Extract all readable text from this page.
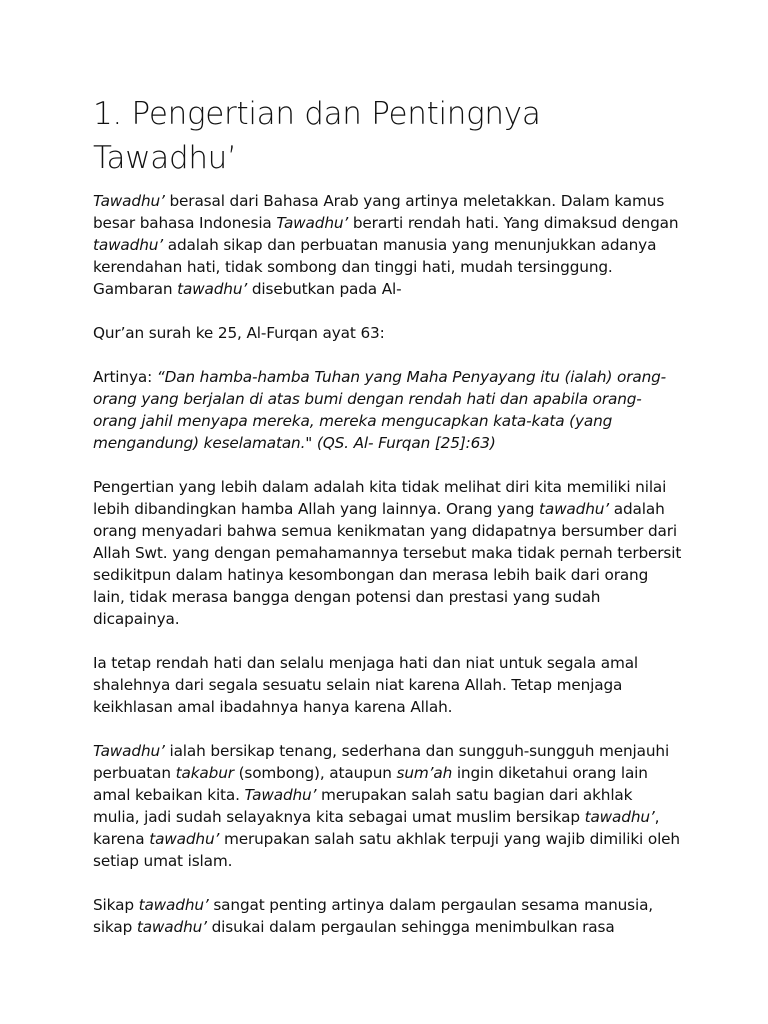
1. Pengertian dan Pentingnya Tawadhu’

Tawadhu’ berasal dari Bahasa Arab yang artinya meletakkan. Dalam kamus besar bahasa Indonesia Tawadhu’ berarti rendah hati. Yang dimaksud dengan tawadhu’ adalah sikap dan perbuatan manusia yang menunjukkan adanya kerendahan hati, tidak sombong dan tinggi hati, mudah tersinggung. Gambaran tawadhu’ disebutkan pada Al-

Qur’an surah ke 25, Al-Furqan ayat 63:

Artinya: “Dan hamba-hamba Tuhan yang Maha Penyayang itu (ialah) orang-orang yang berjalan di atas bumi dengan rendah hati dan apabila orang-orang jahil menyapa mereka, mereka mengucapkan kata-kata (yang mengandung) keselamatan." (QS. Al- Furqan [25]:63)

Pengertian yang lebih dalam adalah kita tidak melihat diri kita memiliki nilai lebih dibandingkan hamba Allah yang lainnya. Orang yang tawadhu’ adalah orang menyadari bahwa semua kenikmatan yang didapatnya bersumber dari Allah Swt. yang dengan pemahamannya tersebut maka tidak pernah terbersit sedikitpun dalam hatinya kesombongan dan merasa lebih baik dari orang lain, tidak merasa bangga dengan potensi dan prestasi yang sudah dicapainya.

Ia tetap rendah hati dan selalu menjaga hati dan niat untuk segala amal shalehnya dari segala sesuatu selain niat karena Allah. Tetap menjaga keikhlasan amal ibadahnya hanya karena Allah.

Tawadhu’ ialah bersikap tenang, sederhana dan sungguh-sungguh menjauhi perbuatan takabur (sombong), ataupun sum’ah ingin diketahui orang lain amal kebaikan kita. Tawadhu’ merupakan salah satu bagian dari akhlak mulia, jadi sudah selayaknya kita sebagai umat muslim bersikap tawadhu’, karena tawadhu’ merupakan salah satu akhlak terpuji yang wajib dimiliki oleh setiap umat islam.

Sikap tawadhu’ sangat penting artinya dalam pergaulan sesama manusia, sikap tawadhu’ disukai dalam pergaulan sehingga menimbulkan rasa
